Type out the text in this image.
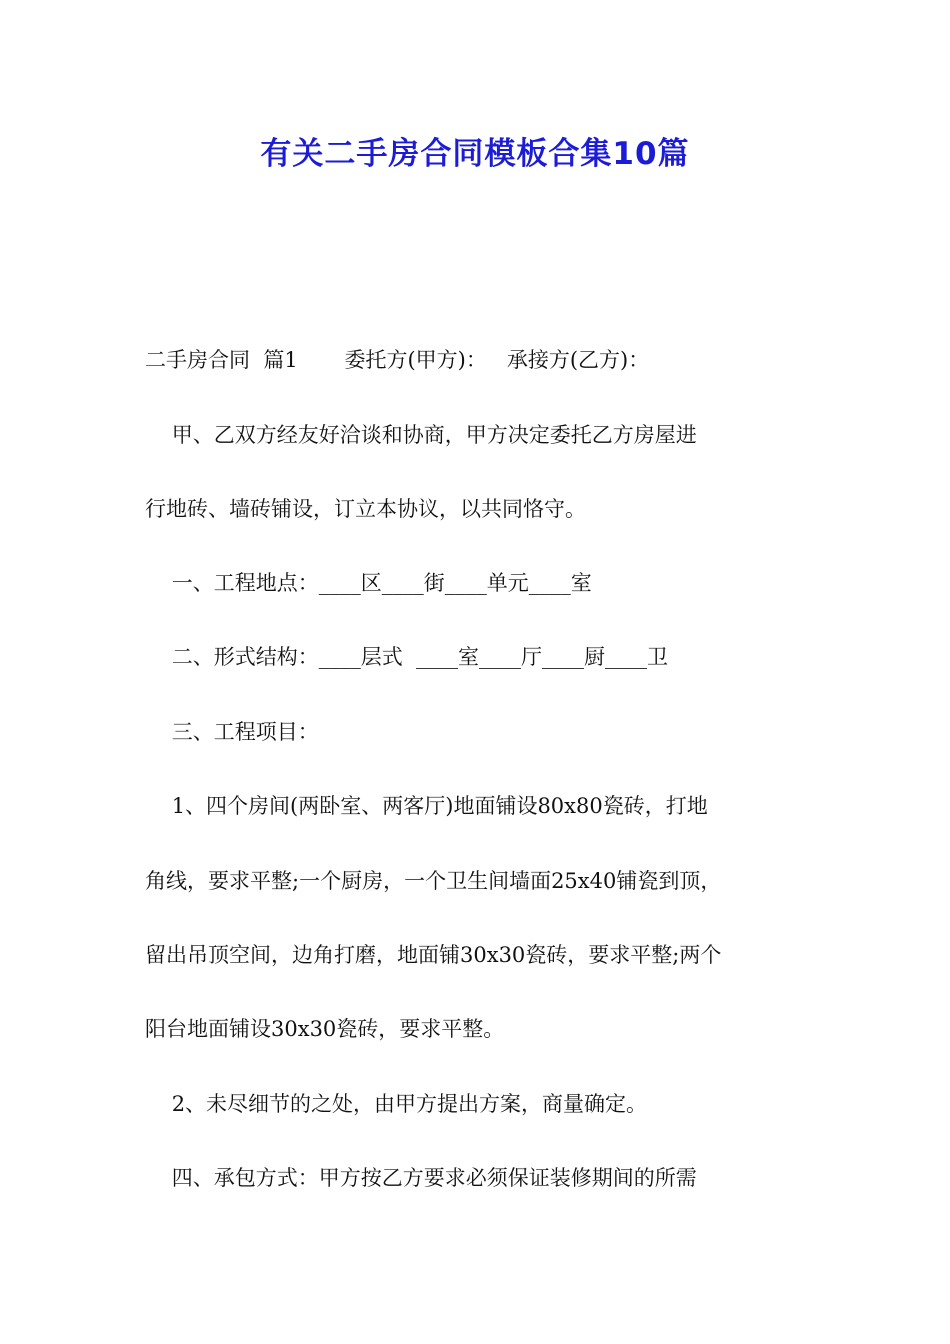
有关二手房合同模板合集10篇
二手房合同  篇1       委托方(甲方)：   承接方(乙方)：
甲、乙双方经友好洽谈和协商，甲方决定委托乙方房屋进
行地砖、墙砖铺设，订立本协议，以共同恪守。
一、工程地点：____区____街____单元____室
二、形式结构：____层式  ____室____厅____厨____卫
三、工程项目：
1、四个房间(两卧室、两客厅)地面铺设80x80瓷砖，打地
角线，要求平整;一个厨房，一个卫生间墙面25x40铺瓷到顶，
留出吊顶空间，边角打磨，地面铺30x30瓷砖，要求平整;两个
阳台地面铺设30x30瓷砖，要求平整。
2、未尽细节的之处，由甲方提出方案，商量确定。
四、承包方式：甲方按乙方要求必须保证装修期间的所需
